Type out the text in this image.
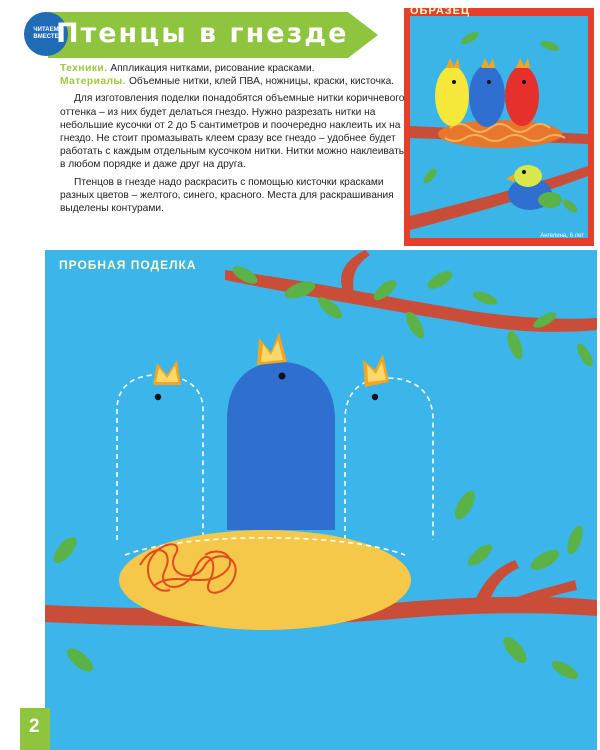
ЧИТАЕМ ВМЕСТЕ
Птенцы в гнезде

Техники. Аппликация нитками, рисование красками.

Материалы. Объемные нитки, клей ПВА, ножницы, краски, кисточка.

Для изготовления поделки понадобятся объемные нитки коричневого оттенка – из них будет делаться гнездо. Нужно разрезать нитки на небольшие кусочки от 2 до 5 сантиметров и поочередно наклеить их на гнездо. Не стоит промазывать клеем сразу все гнездо – удобнее будет работать с каждым отдельным кусочком нитки. Нитки можно наклеивать в любом порядке и даже друг на друга.

Птенцов в гнезде надо раскрасить с помощью кисточки красками разных цветов – желтого, синего, красного. Места для раскрашивания выделены контурами.

Ангелина, 6 лет
ОБРАЗЕЦ
ПРОБНАЯ ПОДЕЛКА
2
